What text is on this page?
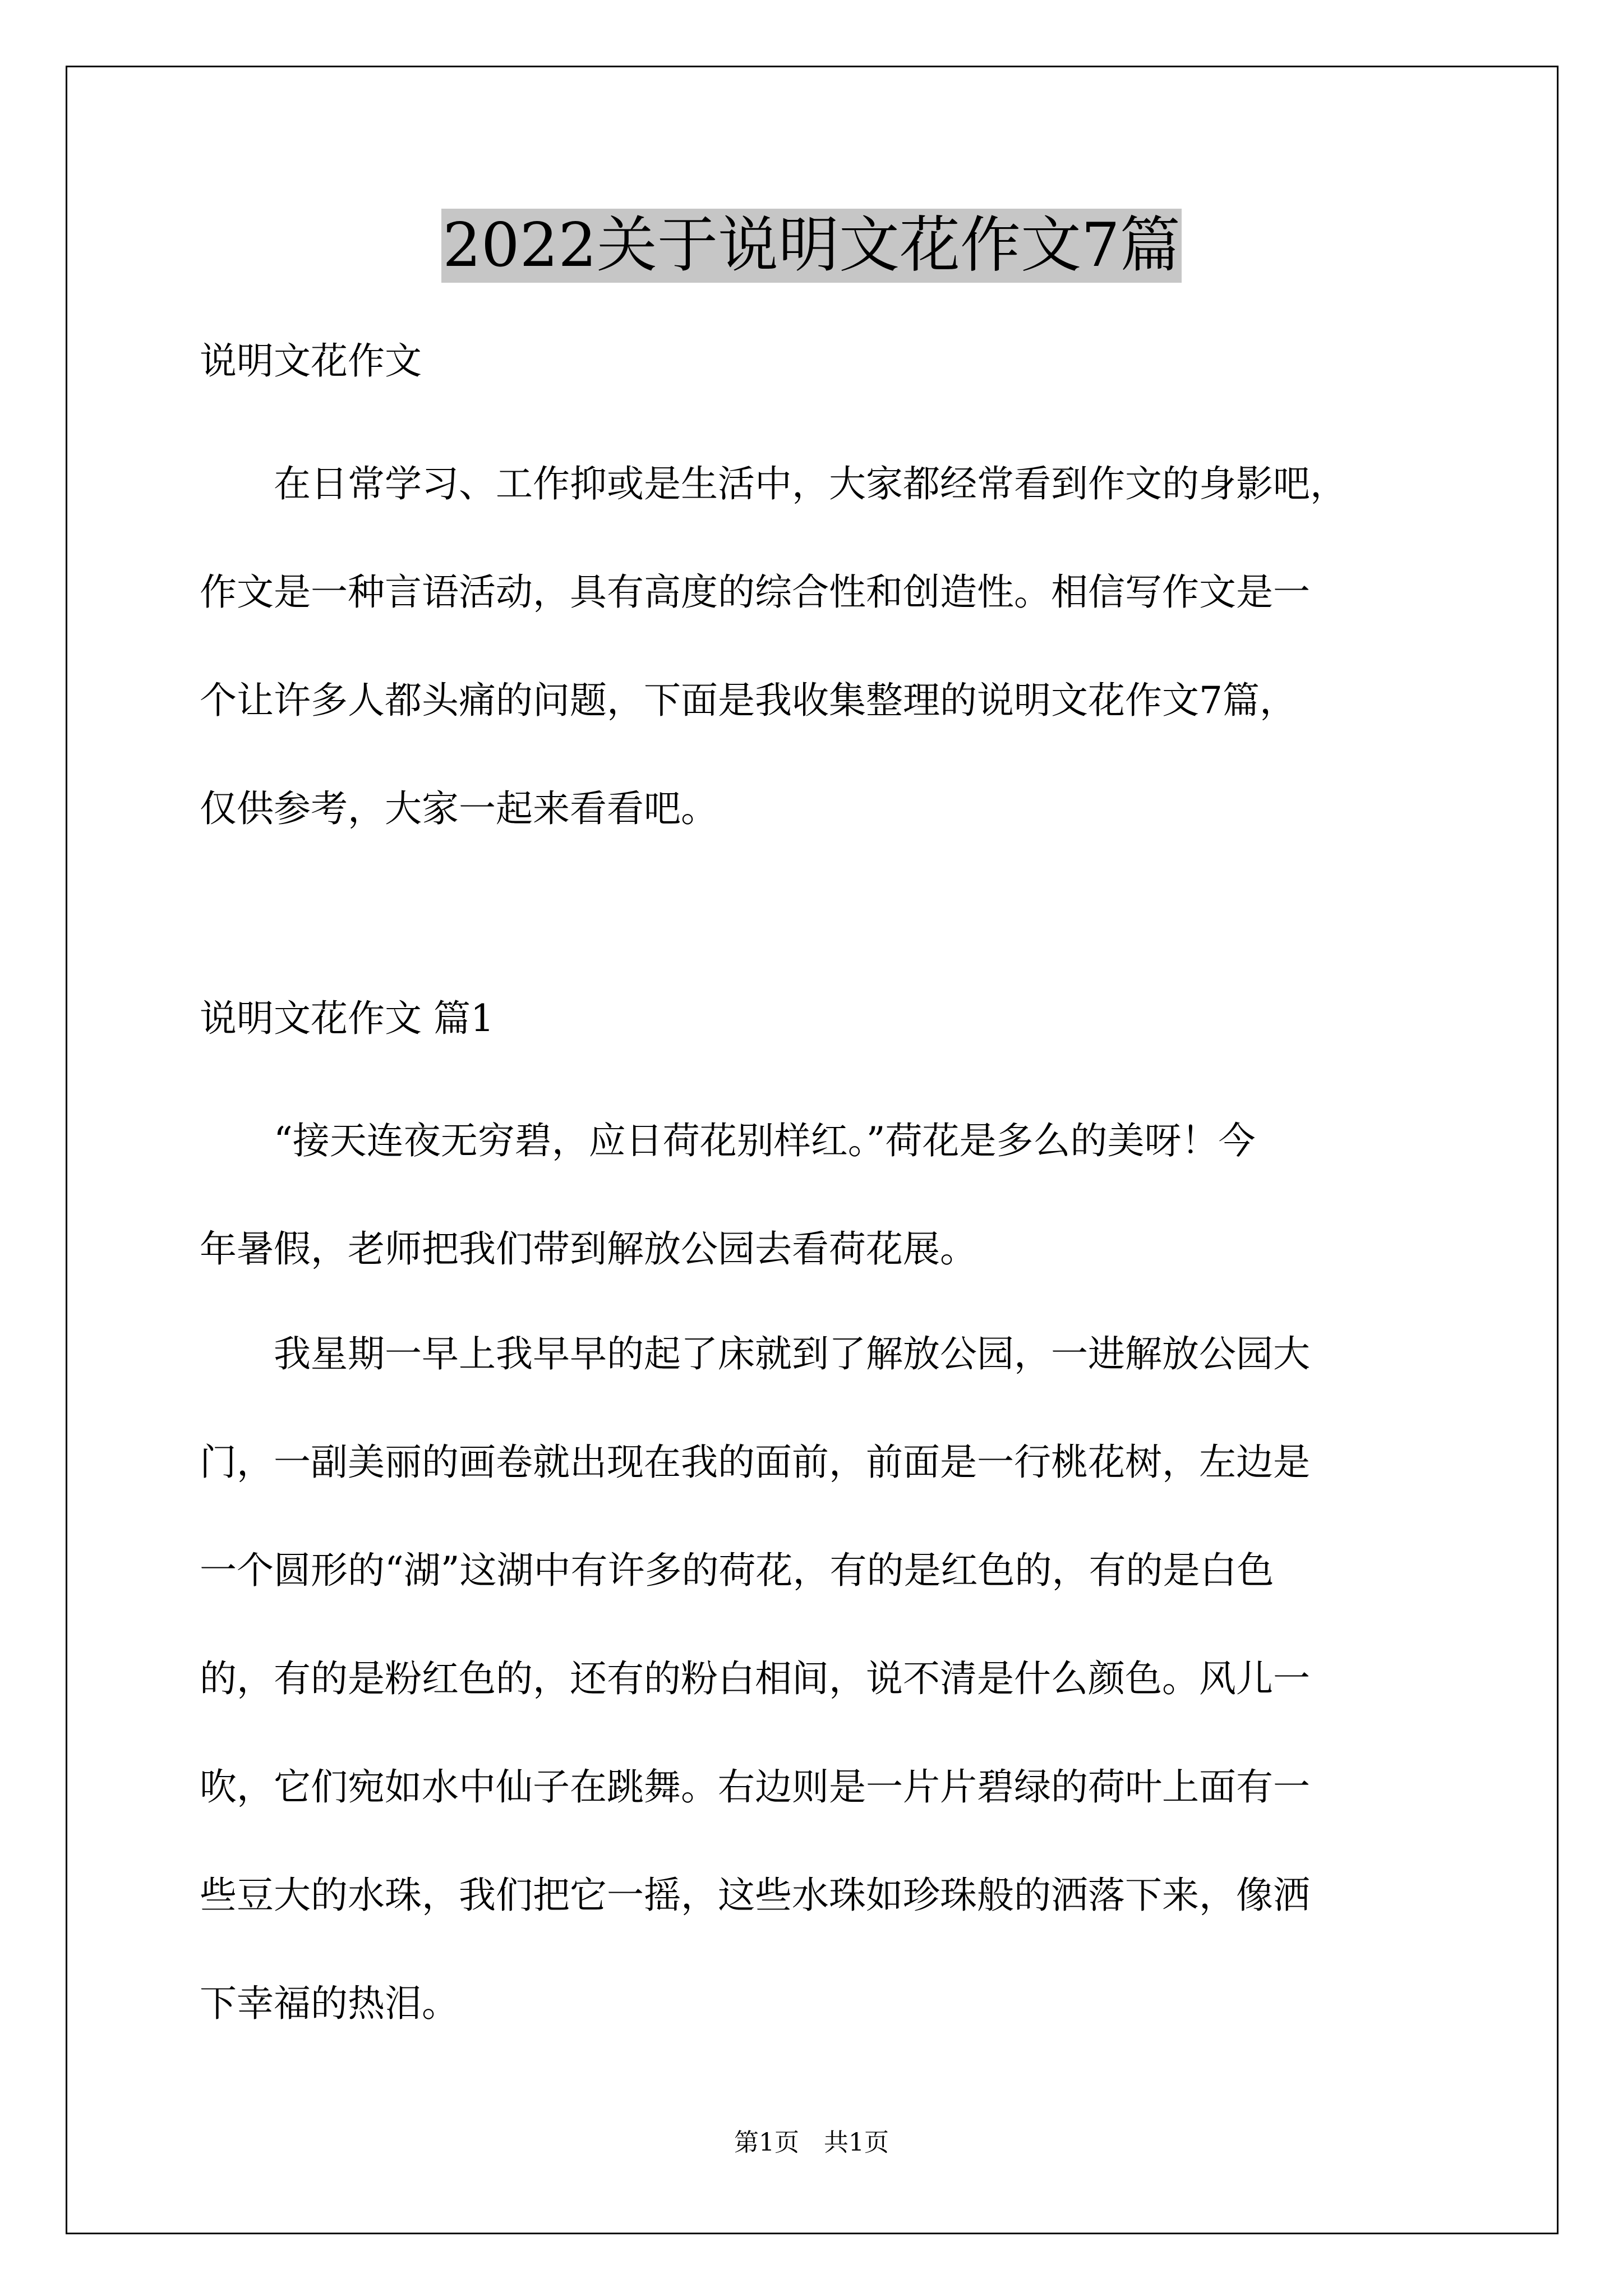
2022关于说明文花作文7篇
说明文花作文
　　在日常学习、工作抑或是生活中，大家都经常看到作文的身影吧，
作文是一种言语活动，具有高度的综合性和创造性。相信写作文是一
个让许多人都头痛的问题，下面是我收集整理的说明文花作文7篇，
仅供参考，大家一起来看看吧。
说明文花作文 篇1
　　“接天连夜无穷碧，应日荷花别样红。”荷花是多么的美呀！今
年暑假，老师把我们带到解放公园去看荷花展。
　　我星期一早上我早早的起了床就到了解放公园，一进解放公园大
门，一副美丽的画卷就出现在我的面前，前面是一行桃花树，左边是
一个圆形的“湖”这湖中有许多的荷花，有的是红色的，有的是白色
的，有的是粉红色的，还有的粉白相间，说不清是什么颜色。风儿一
吹，它们宛如水中仙子在跳舞。右边则是一片片碧绿的荷叶上面有一
些豆大的水珠，我们把它一摇，这些水珠如珍珠般的洒落下来，像洒
下幸福的热泪。
第1页　共1页
